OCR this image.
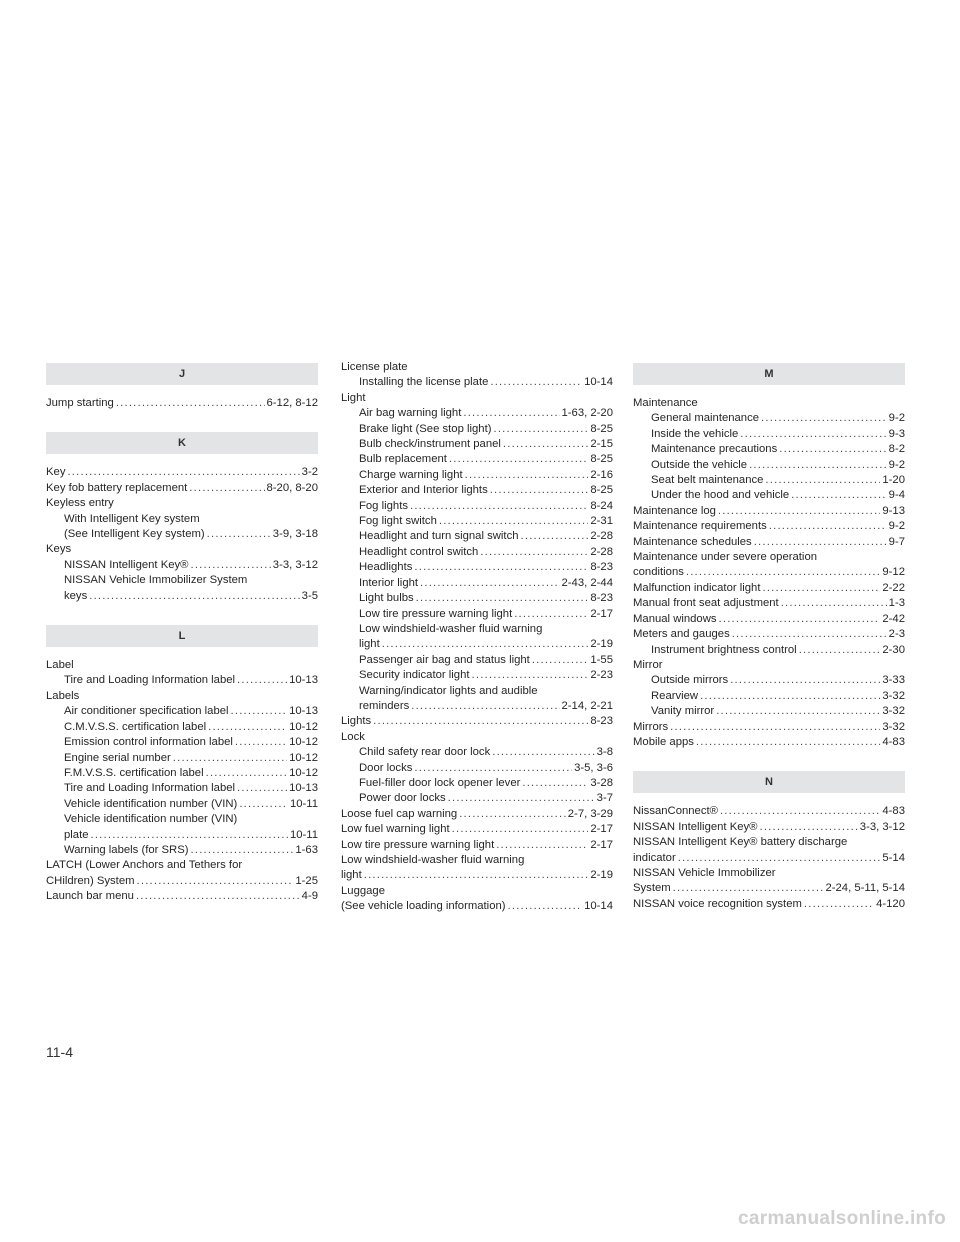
J
Jump starting .....	6-12, 8-12
K
Key .....	3-2
Key fob battery replacement .....	8-20, 8-20
Keyless entry
With Intelligent Key system
(See Intelligent Key system) .....	3-9, 3-18
Keys
NISSAN Intelligent Key® .....	3-3, 3-12
NISSAN Vehicle Immobilizer System
keys .....	3-5
L
Label
Tire and Loading Information label .....	10-13
Labels
Air conditioner specification label .....	10-13
C.M.V.S.S. certification label .....	10-12
Emission control information label .....	10-12
Engine serial number .....	10-12
F.M.V.S.S. certification label .....	10-12
Tire and Loading Information label .....	10-13
Vehicle identification number (VIN) .....	10-11
Vehicle identification number (VIN)
plate .....	10-11
Warning labels (for SRS) .....	1-63
LATCH (Lower Anchors and Tethers for
CHildren) System .....	1-25
Launch bar menu .....	4-9
License plate
Installing the license plate .....	10-14
Light
Air bag warning light .....	1-63, 2-20
Brake light (See stop light) .....	8-25
Bulb check/instrument panel .....	2-15
Bulb replacement .....	8-25
Charge warning light .....	2-16
Exterior and Interior lights .....	8-25
Fog lights .....	8-24
Fog light switch .....	2-31
Headlight and turn signal switch .....	2-28
Headlight control switch .....	2-28
Headlights .....	8-23
Interior light .....	2-43, 2-44
Light bulbs .....	8-23
Low tire pressure warning light .....	2-17
Low windshield-washer fluid warning
light .....	2-19
Passenger air bag and status light .....	1-55
Security indicator light .....	2-23
Warning/indicator lights and audible
reminders .....	2-14, 2-21
Lights .....	8-23
Lock
Child safety rear door lock .....	3-8
Door locks .....	3-5, 3-6
Fuel-filler door lock opener lever .....	3-28
Power door locks .....	3-7
Loose fuel cap warning .....	2-7, 3-29
Low fuel warning light .....	2-17
Low tire pressure warning light .....	2-17
Low windshield-washer fluid warning
light .....	2-19
Luggage
(See vehicle loading information) .....	10-14
M
Maintenance
General maintenance .....	9-2
Inside the vehicle .....	9-3
Maintenance precautions .....	8-2
Outside the vehicle .....	9-2
Seat belt maintenance .....	1-20
Under the hood and vehicle .....	9-4
Maintenance log .....	9-13
Maintenance requirements .....	9-2
Maintenance schedules .....	9-7
Maintenance under severe operation
conditions .....	9-12
Malfunction indicator light .....	2-22
Manual front seat adjustment .....	1-3
Manual windows .....	2-42
Meters and gauges .....	2-3
Instrument brightness control .....	2-30
Mirror
Outside mirrors .....	3-33
Rearview .....	3-32
Vanity mirror .....	3-32
Mirrors .....	3-32
Mobile apps .....	4-83
N
NissanConnect® .....	4-83
NISSAN Intelligent Key® .....	3-3, 3-12
NISSAN Intelligent Key® battery discharge
indicator .....	5-14
NISSAN Vehicle Immobilizer
System .....	2-24, 5-11, 5-14
NISSAN voice recognition system .....	4-120
11-4
carmanualsonline.info
